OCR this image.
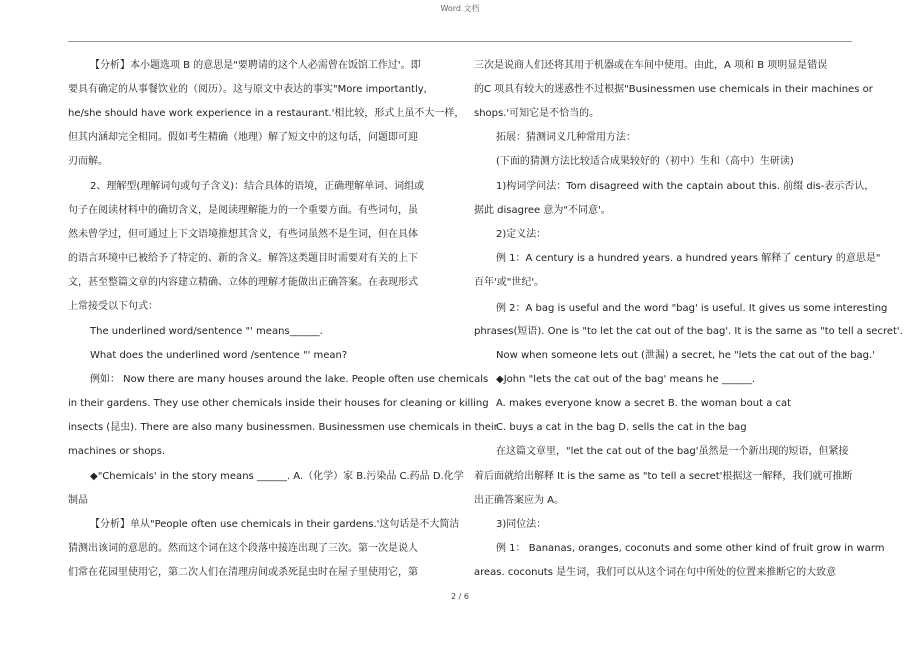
Word 文档
【分析】本小题选项 B 的意思是"要聘请的这个人必需曾在饭馆工作过'。即
要具有确定的从事餐饮业的（阅历）。这与原文中表达的事实"More importantly,
he/she should have work experience in a restaurant.'相比较，形式上虽不大一样，
但其内涵却完全相同。假如考生精确（地理）解了短文中的这句话，问题即可迎
刃而解。
2、理解型(理解词句或句子含义)：结合具体的语境，正确理解单词、词组或
句子在阅读材料中的确切含义，是阅读理解能力的一个重要方面。有些词句，虽
然未曾学过，但可通过上下文语境推想其含义，有些词虽然不是生词，但在具体
的语言环境中已被给予了特定的、新的含义。解答这类题目时需要对有关的上下
文，甚至整篇文章的内容建立精确、立体的理解才能做出正确答案。在表现形式
上常接受以下句式：
The underlined word/sentence "' means______.
What does the underlined word /sentence "' mean?
例如： Now there are many houses around the lake. People often use chemicals
in their gardens. They use other chemicals inside their houses for cleaning or killing
insects (昆虫). There are also many businessmen. Businessmen use chemicals in their
machines or shops.
◆"Chemicals' in the story means ______. A.（化学）家 B.污染品 C.药品 D.化学
制品
【分析】单从"People often use chemicals in their gardens.'这句话是不大简洁
猜测出该词的意思的。然而这个词在这个段落中接连出现了三次。第一次是说人
们常在花园里使用它，第二次人们在清理房间或杀死昆虫时在屋子里使用它，第
三次是说商人们还将其用于机器或在车间中使用。由此，A 项和 B 项明显是错误
的C 项具有较大的迷惑性不过根据"Businessmen use chemicals in their machines or
shops.'可知它是不恰当的。
拓展：猜测词义几种常用方法：
(下面的猜测方法比较适合成果较好的（初中）生和（高中）生研读)
1)构词学问法：Tom disagreed with the captain about this. 前缀 dis-表示否认，
据此 disagree 意为"不同意'。
2)定义法：
例 1：A century is a hundred years. a hundred years 解释了 century 的意思是"
百年'或"世纪'。
例 2：A bag is useful and the word "bag' is useful. It gives us some interesting
phrases(短语). One is "to let the cat out of the bag'. It is the same as "to tell a secret'.
Now when someone lets out (泄漏) a secret, he "lets the cat out of the bag.'
◆John "lets the cat out of the bag' means he ______.
A. makes everyone know a secret B. the woman bout a cat
C. buys a cat in the bag D. sells the cat in the bag
在这篇文章里，"let the cat out of the bag'虽然是一个新出现的短语，但紧接
着后面就给出解释 It is the same as "to tell a secret'根据这一解释，我们就可推断
出正确答案应为 A。
3)同位法：
例 1： Bananas, oranges, coconuts and some other kind of fruit grow in warm
areas. coconuts 是生词，我们可以从这个词在句中所处的位置来推断它的大致意
2 / 6
